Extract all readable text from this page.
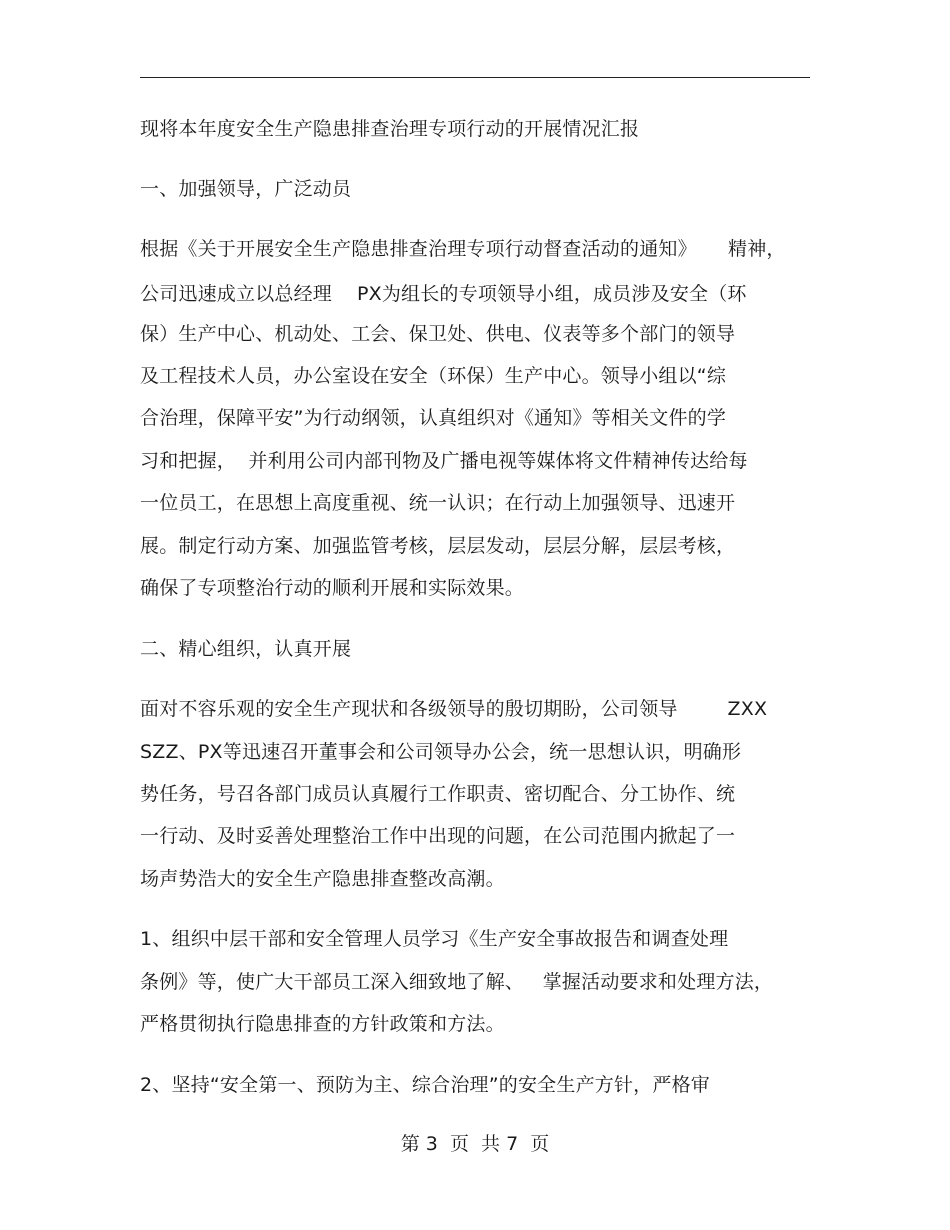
现将本年度安全生产隐患排查治理专项行动的开展情况汇报
一、加强领导，广泛动员
根据《关于开展安全生产隐患排查治理专项行动督查活动的通知》     精神，
公司迅速成立以总经理    PX为组长的专项领导小组，成员涉及安全（环
保）生产中心、机动处、工会、保卫处、供电、仪表等多个部门的领导
及工程技术人员，办公室设在安全（环保）生产中心。领导小组以“综
合治理，保障平安”为行动纲领，认真组织对《通知》等相关文件的学
习和把握，  并利用公司内部刊物及广播电视等媒体将文件精神传达给每
一位员工，在思想上高度重视、统一认识；在行动上加强领导、迅速开
展。制定行动方案、加强监管考核，层层发动，层层分解，层层考核，
确保了专项整治行动的顺利开展和实际效果。
二、精心组织，认真开展
面对不容乐观的安全生产现状和各级领导的殷切期盼，公司领导        ZXX
SZZ、PX等迅速召开董事会和公司领导办公会，统一思想认识，明确形
势任务，号召各部门成员认真履行工作职责、密切配合、分工协作、统
一行动、及时妥善处理整治工作中出现的问题，在公司范围内掀起了一
场声势浩大的安全生产隐患排查整改高潮。
1、组织中层干部和安全管理人员学习《生产安全事故报告和调查处理
条例》等，使广大干部员工深入细致地了解、   掌握活动要求和处理方法，
严格贯彻执行隐患排查的方针政策和方法。
2、坚持“安全第一、预防为主、综合治理”的安全生产方针，严格审
第 3  页  共 7  页
